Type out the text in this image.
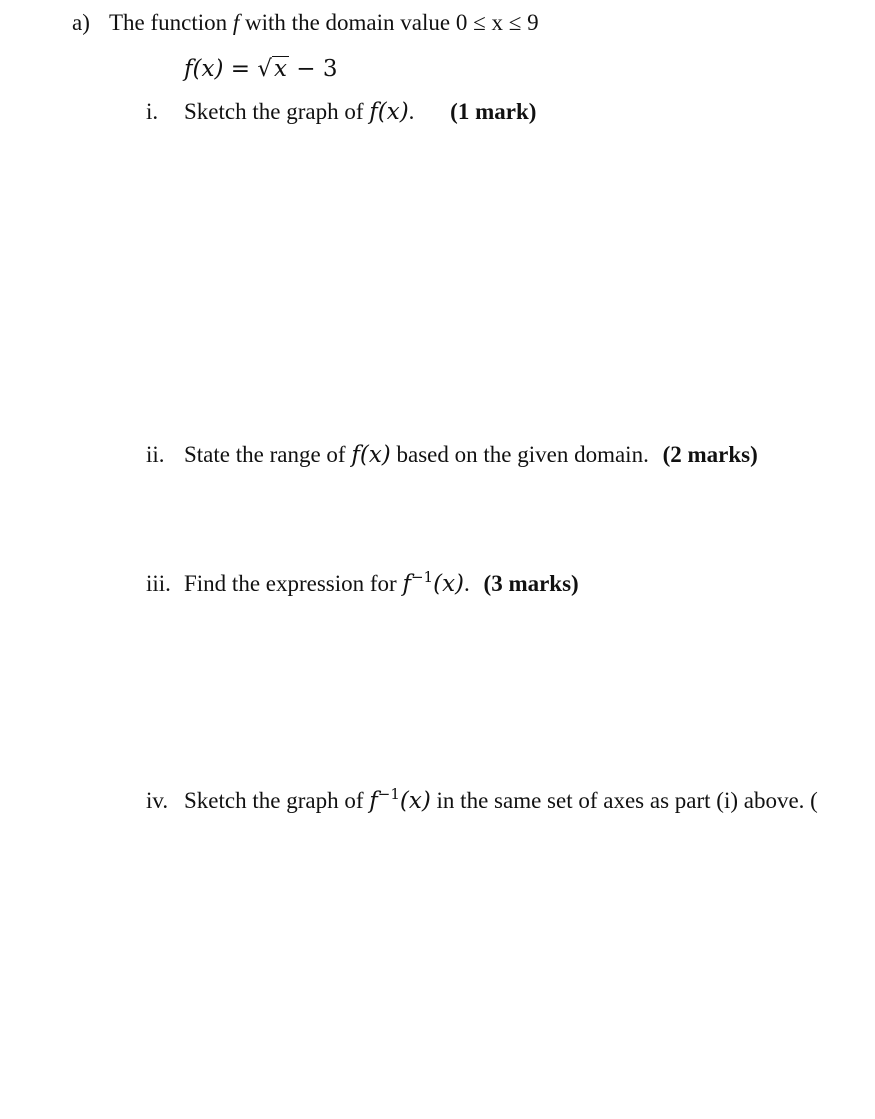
a) The function f with the domain value 0 ≤ x ≤ 9
f(x) = √x − 3
i. Sketch the graph of f(x). (1 mark)
ii. State the range of f(x) based on the given domain. (2 marks)
iii. Find the expression for $f^{-1}(x)$. (3 marks)
iv. Sketch the graph of $f^{-1}(x)$ in the same set of axes as part (i) above. (
